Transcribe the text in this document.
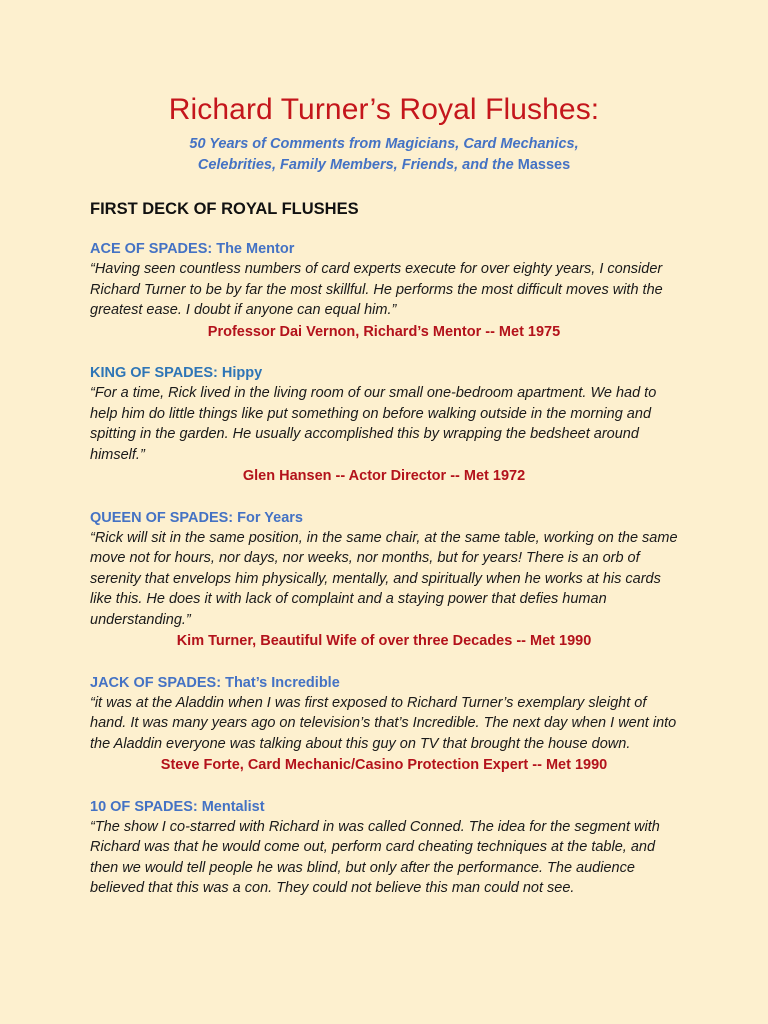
Richard Turner’s Royal Flushes:
50 Years of Comments from Magicians, Card Mechanics,
Celebrities, Family Members, Friends, and the Masses
FIRST DECK OF ROYAL FLUSHES
ACE OF SPADES: The Mentor
“Having seen countless numbers of card experts execute for over eighty years, I consider Richard Turner to be by far the most skillful. He performs the most difficult moves with the greatest ease. I doubt if anyone can equal him.”
Professor Dai Vernon, Richard’s Mentor -- Met 1975
KING OF SPADES: Hippy
“For a time, Rick lived in the living room of our small one-bedroom apartment. We had to help him do little things like put something on before walking outside in the morning and spitting in the garden. He usually accomplished this by wrapping the bedsheet around himself.”
Glen Hansen -- Actor Director -- Met 1972
QUEEN OF SPADES: For Years
“Rick will sit in the same position, in the same chair, at the same table, working on the same move not for hours, nor days, nor weeks, nor months, but for years! There is an orb of serenity that envelops him physically, mentally, and spiritually when he works at his cards like this. He does it with lack of complaint and a staying power that defies human understanding.”
Kim Turner, Beautiful Wife of over three Decades -- Met 1990
JACK OF SPADES: That’s Incredible
“it was at the Aladdin when I was first exposed to Richard Turner’s exemplary sleight of hand. It was many years ago on television’s that’s Incredible. The next day when I went into the Aladdin everyone was talking about this guy on TV that brought the house down.
Steve Forte, Card Mechanic/Casino Protection Expert -- Met 1990
10 OF SPADES: Mentalist
“The show I co-starred with Richard in was called Conned. The idea for the segment with Richard was that he would come out, perform card cheating techniques at the table, and then we would tell people he was blind, but only after the performance. The audience believed that this was a con. They could not believe this man could not see.
